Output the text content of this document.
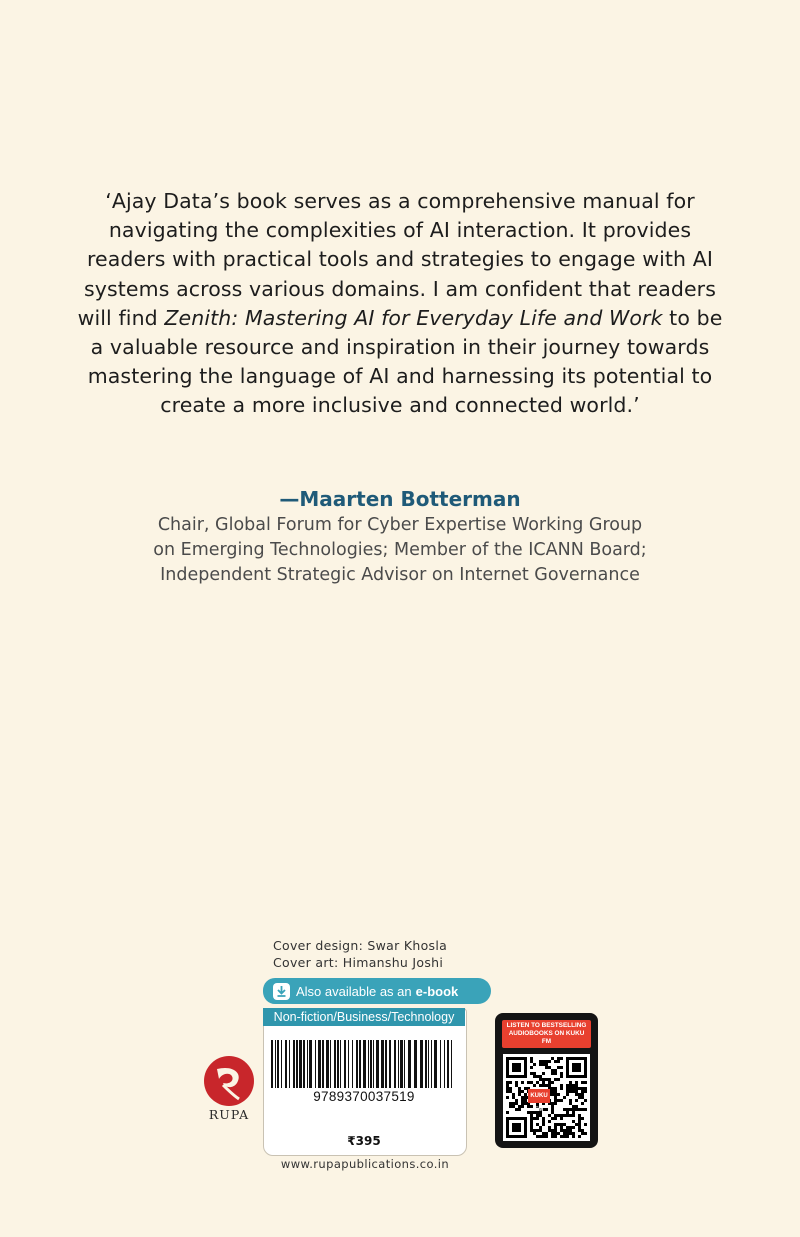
‘Ajay Data’s book serves as a comprehensive manual for navigating the complexities of AI interaction. It provides readers with practical tools and strategies to engage with AI systems across various domains. I am confident that readers will find Zenith: Mastering AI for Everyday Life and Work to be a valuable resource and inspiration in their journey towards mastering the language of AI and harnessing its potential to create a more inclusive and connected world.’
—Maarten Botterman
Chair, Global Forum for Cyber Expertise Working Group
on Emerging Technologies; Member of the ICANN Board;
Independent Strategic Advisor on Internet Governance
Cover design: Swar Khosla
Cover art: Himanshu Joshi
Also available as an e-book
Non-fiction/Business/Technology
9789370037519
₹395
www.rupapublications.co.in
RUPA
LISTEN TO BESTSELLING AUDIOBOOKS ON KUKU FM
KUKU FM
